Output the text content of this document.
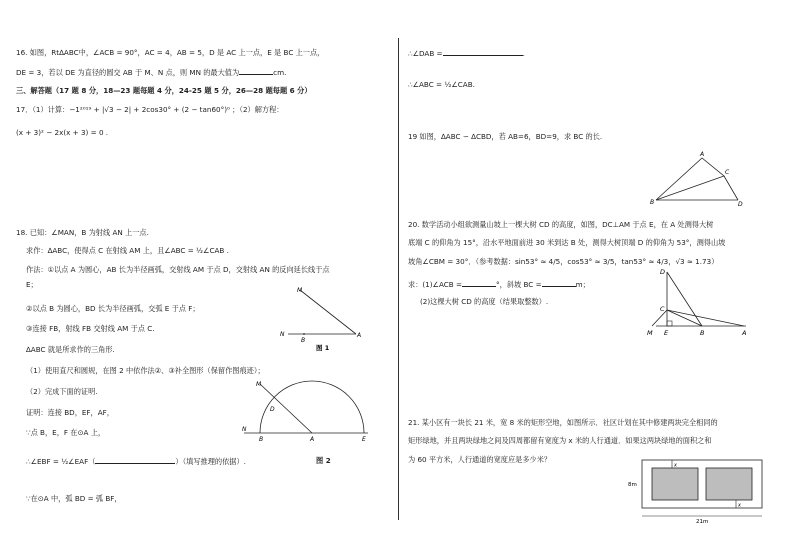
16. 如图，Rt∆ABC中，∠ACB = 90°，AC = 4，AB = 5，D 是 AC 上一点，E 是 BC 上一点，
DE = 3，若以 DE 为直径的圆交 AB 于 M、N 点，则 MN 的最大值为	cm.
三、解答题（17 题 8 分，18—23 题每题 4 分，24-25 题 5 分，26—28 题每题 6 分）
17．（1）计算：−1²⁰¹⁹ + |√3 − 2| + 2cos30° + (2 − tan60°)⁰ ；（2）解方程：
(x + 3)² − 2x(x + 3) = 0 .
18. 已知：∠MAN，B 为射线 AN 上一点.
求作：∆ABC，使得点 C 在射线 AM 上，且∠ABC = ½∠CAB .
作法：①以点 A 为圆心，AB 长为半径画弧，交射线 AM 于点 D，交射线 AN 的反向延长线于点
E；
②以点 B 为圆心，BD 长为半径画弧，交弧 E 于点 F；
③连接 FB，射线 FB 交射线 AM 于点 C.
∆ABC 就是所求作的三角形.
（1）使用直尺和圆规，在图 2 中依作法②、③补全图形（保留作图痕迹）；
（2）完成下面的证明.
证明：连接 BD，EF，AF，
∵点 B，E，F 在⊙A 上，
∴∠EBF = ½∠EAF（	）（填写推理的依据）.
∵在⊙A 中，弧 BD = 弧 BF，
M
N
B
A
图 1
M
D
N
B	A	E
图 2
∴∠DAB =	.
∴∠ABC = ½∠CAB.
19 如图，∆ABC ∽ ∆CBD，若 AB=6，BD=9，求 BC 的长.
A
C
B	D
20. 数学活动小组欲测量山坡上一棵大树 CD 的高度，如图，DC⊥AM 于点 E，在 A 处测得大树
底端 C 的仰角为 15°，沿水平地面前进 30 米到达 B 处，测得大树顶端 D 的仰角为 53°，测得山坡
坡角∠CBM = 30°．（参考数据：sin53° ≈ 4/5，cos53° ≈ 3/5，tan53° ≈ 4/3，√3 ≈ 1.73）
求：(1)∠ACB =	°，斜坡 BC =	m；
(2)这棵大树 CD 的高度（结果取整数）.
D
C
M E	B	A
21. 某小区有一块长 21 米，宽 8 米的矩形空地，如图所示．社区计划在其中修建两块完全相同的
矩形绿地，并且两块绿地之间及四周都留有宽度为 x 米的人行通道．如果这两块绿地的面积之和
为 60 平方米，人行通道的宽度应是多少米？
x
x
8m
21m
